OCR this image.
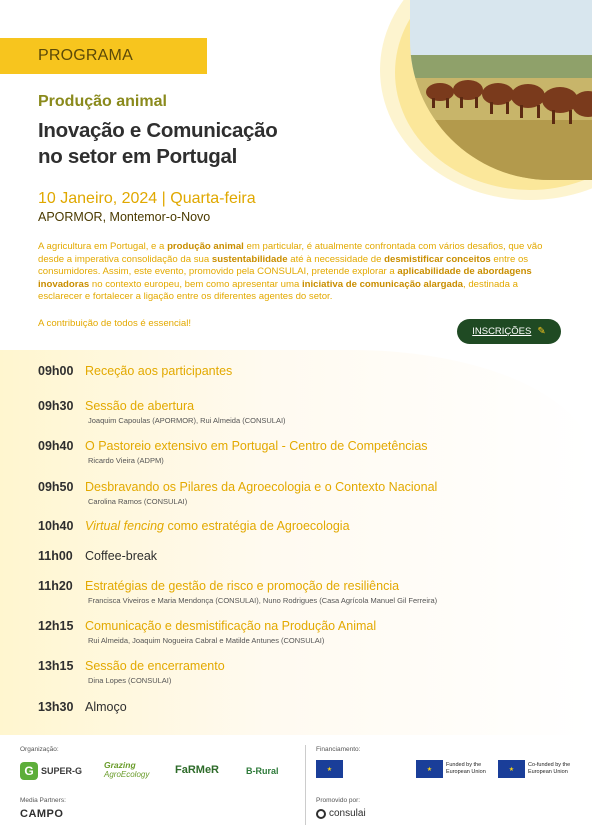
PROGRAMA
Produção animal
Inovação e Comunicação
no setor em Portugal
10 Janeiro, 2024 | Quarta-feira
APORMOR, Montemor-o-Novo

A agricultura em Portugal, e a produção animal em particular, é atualmente confrontada com vários desafios, que vão desde a imperativa consolidação da sua sustentabilidade até à necessidade de desmistificar conceitos entre os consumidores. Assim, este evento, promovido pela CONSULAI, pretende explorar a aplicabilidade de abordagens inovadoras no contexto europeu, bem como apresentar uma iniciativa de comunicação alargada, destinada a esclarecer e fortalecer a ligação entre os diferentes agentes do setor.

A contribuição de todos é essencial!
INSCRIÇÕES ✎
09h00 Receção aos participantes
09h30 Sessão de abertura
Joaquim Capoulas (APORMOR), Rui Almeida (CONSULAI)
09h40 O Pastoreio extensivo em Portugal - Centro de Competências
Ricardo Vieira (ADPM)
09h50 Desbravando os Pilares da Agroecologia e o Contexto Nacional
Carolina Ramos (CONSULAI)
10h40 Virtual fencing como estratégia de Agroecologia
11h00 Coffee-break
11h20 Estratégias de gestão de risco e promoção de resiliência
Francisca Viveiros e Maria Mendonça (CONSULAI), Nuno Rodrigues (Casa Agrícola Manuel Gil Ferreira)
12h15 Comunicação e desmistificação na Produção Animal
Rui Almeida, Joaquim Nogueira Cabral e Matilde Antunes (CONSULAI)
13h15 Sessão de encerramento
Dina Lopes (CONSULAI)
13h30 Almoço
Organização:	Financiamento:
Media Partners:	Promovido por:
G SUPER-G
Grazing
AgroEcology FaRMeR	B-Rural	★	★
Funded by the European Union	★
Co-funded by the European Union
CAMPO	consulai
